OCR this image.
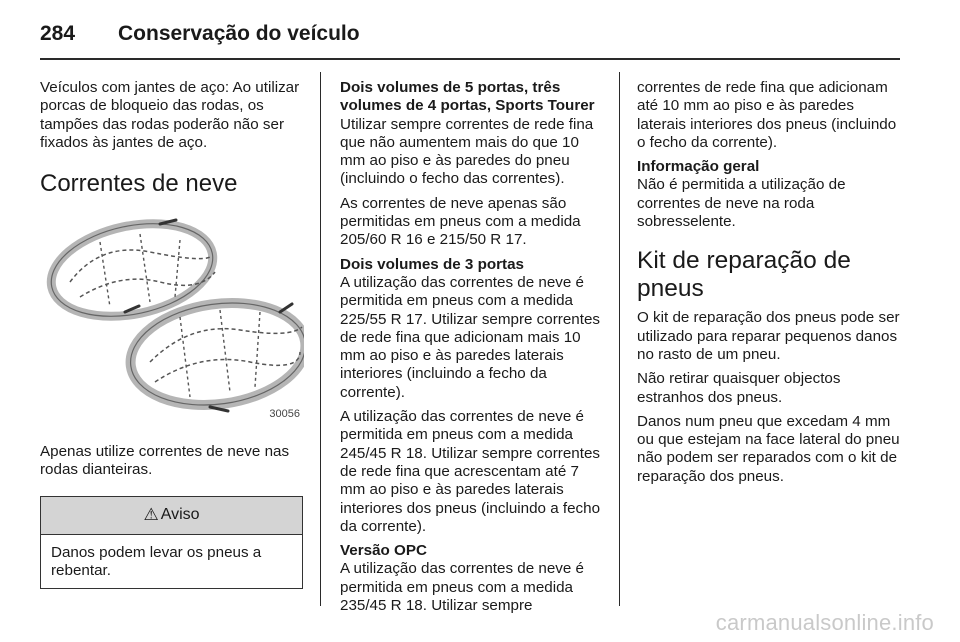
284	Conservação do veículo

Veículos com jantes de aço: Ao utilizar porcas de bloqueio das rodas, os tampões das rodas poderão não ser fixados às jantes de aço.

Correntes de neve
30056

Apenas utilize correntes de neve nas rodas dianteiras.

⚠ Aviso
Danos podem levar os pneus a rebentar.

Dois volumes de 5 portas, três volumes de 4 portas, Sports Tourer
Utilizar sempre correntes de rede fina que não aumentem mais do que 10 mm ao piso e às paredes do pneu (incluindo o fecho das correntes).

As correntes de neve apenas são permitidas em pneus com a medida 205/60 R 16 e 215/50 R 17.

Dois volumes de 3 portas
A utilização das correntes de neve é permitida em pneus com a medida 225/55 R 17. Utilizar sempre correntes de rede fina que adicionam mais 10 mm ao piso e às paredes laterais interiores (incluindo a fecho da corrente).

A utilização das correntes de neve é permitida em pneus com a medida 245/45 R 18. Utilizar sempre correntes de rede fina que acrescentam até 7 mm ao piso e às paredes laterais interiores dos pneus (incluindo a fecho da corrente).

Versão OPC
A utilização das correntes de neve é permitida em pneus com a medida 235/45 R 18. Utilizar sempre

correntes de rede fina que adicionam até 10 mm ao piso e às paredes laterais interiores dos pneus (incluindo o fecho da corrente).

Informação geral
Não é permitida a utilização de correntes de neve na roda sobresselente.

Kit de reparação de pneus

O kit de reparação dos pneus pode ser utilizado para reparar pequenos danos no rasto de um pneu.

Não retirar quaisquer objectos estranhos dos pneus.

Danos num pneu que excedam 4 mm ou que estejam na face lateral do pneu não podem ser reparados com o kit de reparação dos pneus.

carmanualsonline.info
